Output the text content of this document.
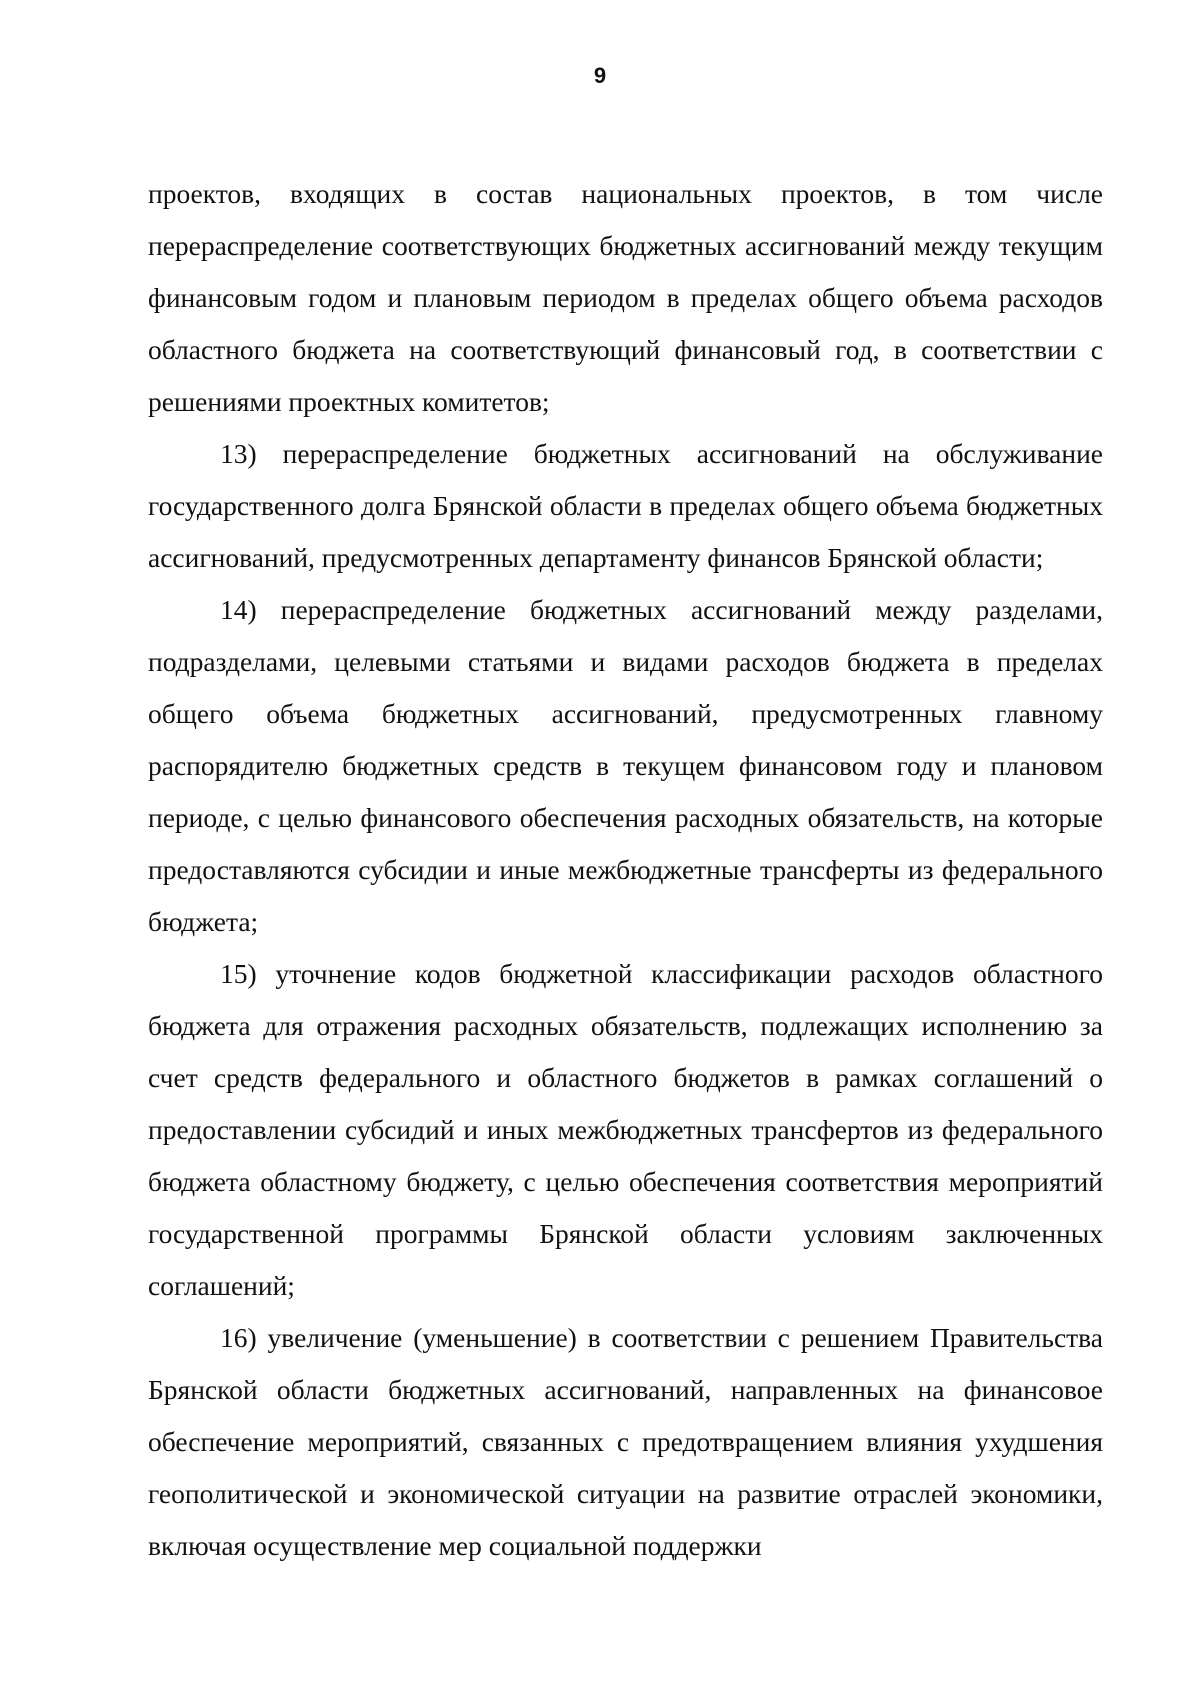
9

проектов, входящих в состав национальных проектов, в том числе перераспределение соответствующих бюджетных ассигнований между текущим финансовым годом и плановым периодом в пределах общего объема расходов областного бюджета на соответствующий финансовый год, в соответствии с решениями проектных комитетов;

13) перераспределение бюджетных ассигнований на обслуживание государственного долга Брянской области в пределах общего объема бюджетных ассигнований, предусмотренных департаменту финансов Брянской области;

14) перераспределение бюджетных ассигнований между разделами, подразделами, целевыми статьями и видами расходов бюджета в пределах общего объема бюджетных ассигнований, предусмотренных главному распорядителю бюджетных средств в текущем финансовом году и плановом периоде, с целью финансового обеспечения расходных обязательств, на которые предоставляются субсидии и иные межбюджетные трансферты из федерального бюджета;

15) уточнение кодов бюджетной классификации расходов областного бюджета для отражения расходных обязательств, подлежащих исполнению за счет средств федерального и областного бюджетов в рамках соглашений о предоставлении субсидий и иных межбюджетных трансфертов из федерального бюджета областному бюджету, с целью обеспечения соответствия мероприятий государственной программы Брянской области условиям заключенных соглашений;

16) увеличение (уменьшение) в соответствии с решением Правительства Брянской области бюджетных ассигнований, направленных на финансовое обеспечение мероприятий, связанных с предотвращением влияния ухудшения геополитической и экономической ситуации на развитие отраслей экономики, включая осуществление мер социальной поддержки
